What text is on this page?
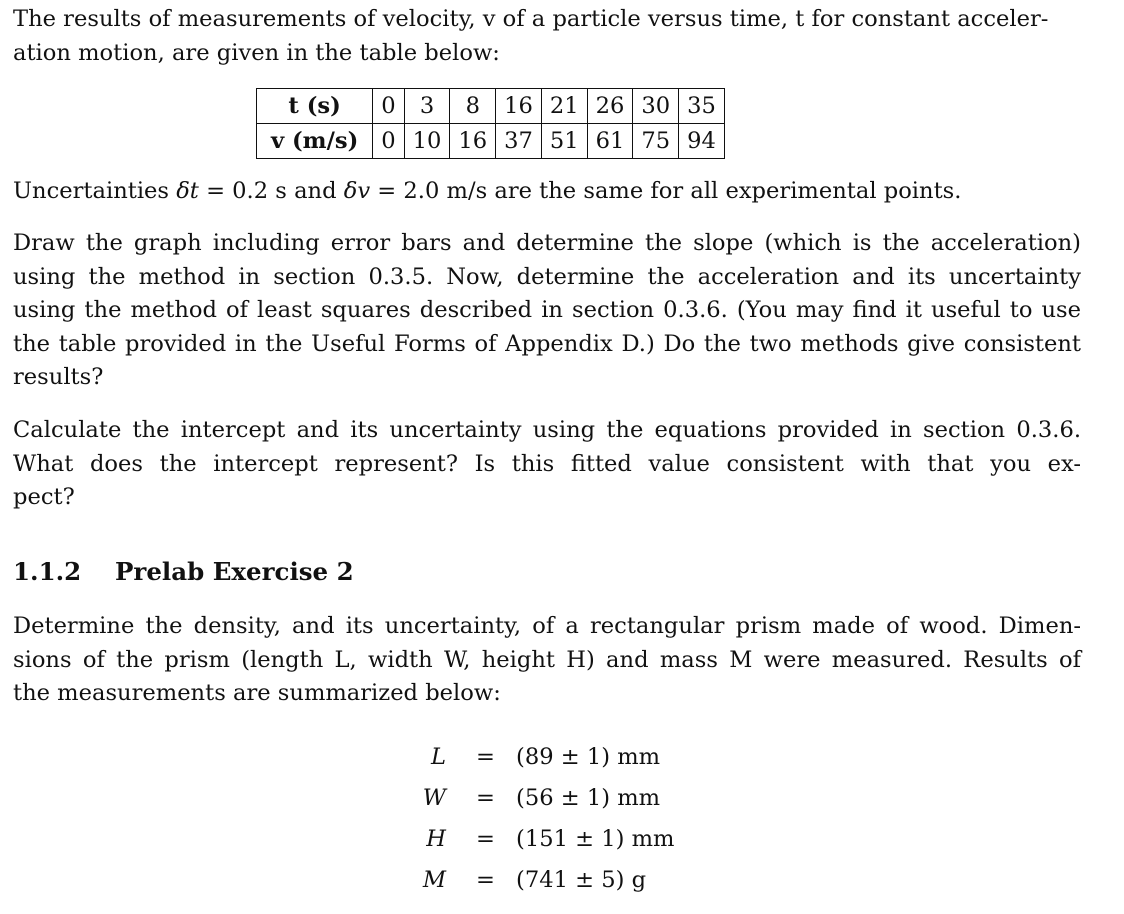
The results of measurements of velocity, v of a particle versus time, t for constant acceler-
ation motion, are given in the table below:
t (s)	0	3	8	16	21	26	30	35
v (m/s)	0	10	16	37	51	61	75	94
Uncertainties δt = 0.2 s and δv = 2.0 m/s are the same for all experimental points.
Draw the graph including error bars and determine the slope (which is the acceleration)
using the method in section 0.3.5. Now, determine the acceleration and its uncertainty
using the method of least squares described in section 0.3.6. (You may find it useful to use
the table provided in the Useful Forms of Appendix D.) Do the two methods give consistent
results?
Calculate the intercept and its uncertainty using the equations provided in section 0.3.6.
What does the intercept represent? Is this fitted value consistent with that you ex-
pect?
1.1.2 Prelab Exercise 2
Determine the density, and its uncertainty, of a rectangular prism made of wood. Dimen-
sions of the prism (length L, width W, height H) and mass M were measured. Results of
the measurements are summarized below:
L = (89 ± 1) mm
W = (56 ± 1) mm
H = (151 ± 1) mm
M = (741 ± 5) g
